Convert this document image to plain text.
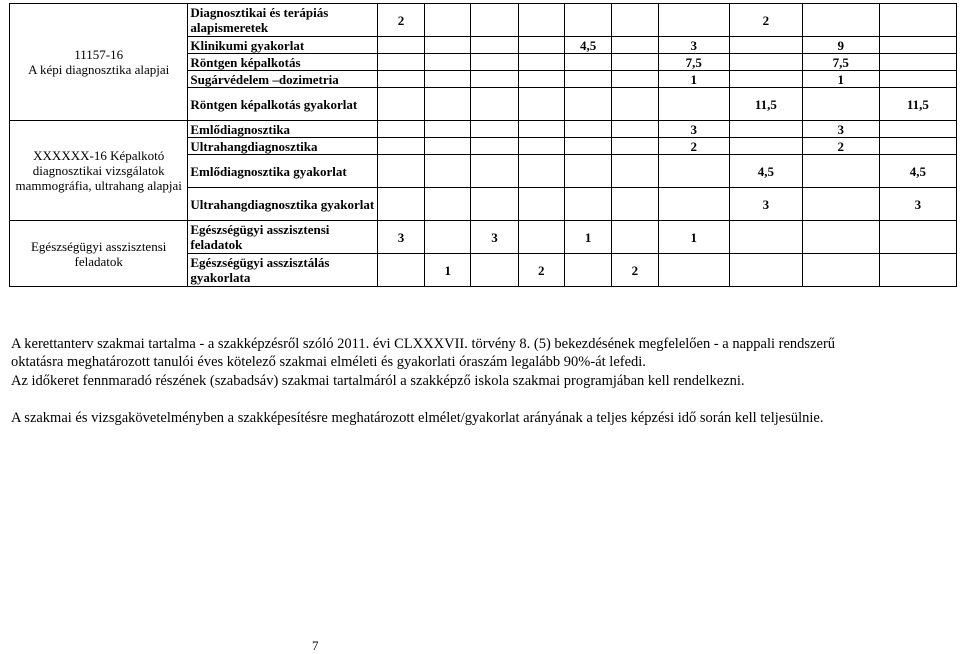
11157-16
A képi diagnosztika alapjai	Diagnosztikai és terápiás alapismeretek	2							2		
	Klinikumi gyakorlat					4,5		3		9	
	Röntgen képalkotás							7,5		7,5	
	Sugárvédelem –dozimetria							1		1	
	Röntgen képalkotás gyakorlat								11,5		11,5

XXXXXX-16 Képalkotó
diagnosztikai vizsgálatok mammográfia, ultrahang alapjai	Emlődiagnosztika							3		3	
	Ultrahangdiagnosztika							2		2	
	Emlődiagnosztika gyakorlat								4,5		4,5
	Ultrahangdiagnosztika gyakorlat								3		3

Egészségügyi asszisztensi feladatok	Egészségügyi asszisztensi feladatok	3		3		1		1			
	Egészségügyi asszisztálás gyakorlata		1		2		2				
A kerettanterv szakmai tartalma - a szakképzésről szóló 2011. évi CLXXXVII. törvény 8. (5) bekezdésének megfelelően - a nappali rendszerű
oktatásra meghatározott tanulói éves kötelező szakmai elméleti és gyakorlati óraszám legalább 90%-át lefedi.
Az időkeret fennmaradó részének (szabadsáv) szakmai tartalmáról a szakképző iskola szakmai programjában kell rendelkezni.
A szakmai és vizsgakövetelményben a szakképesítésre meghatározott elmélet/gyakorlat arányának a teljes képzési idő során kell teljesülnie.
7
